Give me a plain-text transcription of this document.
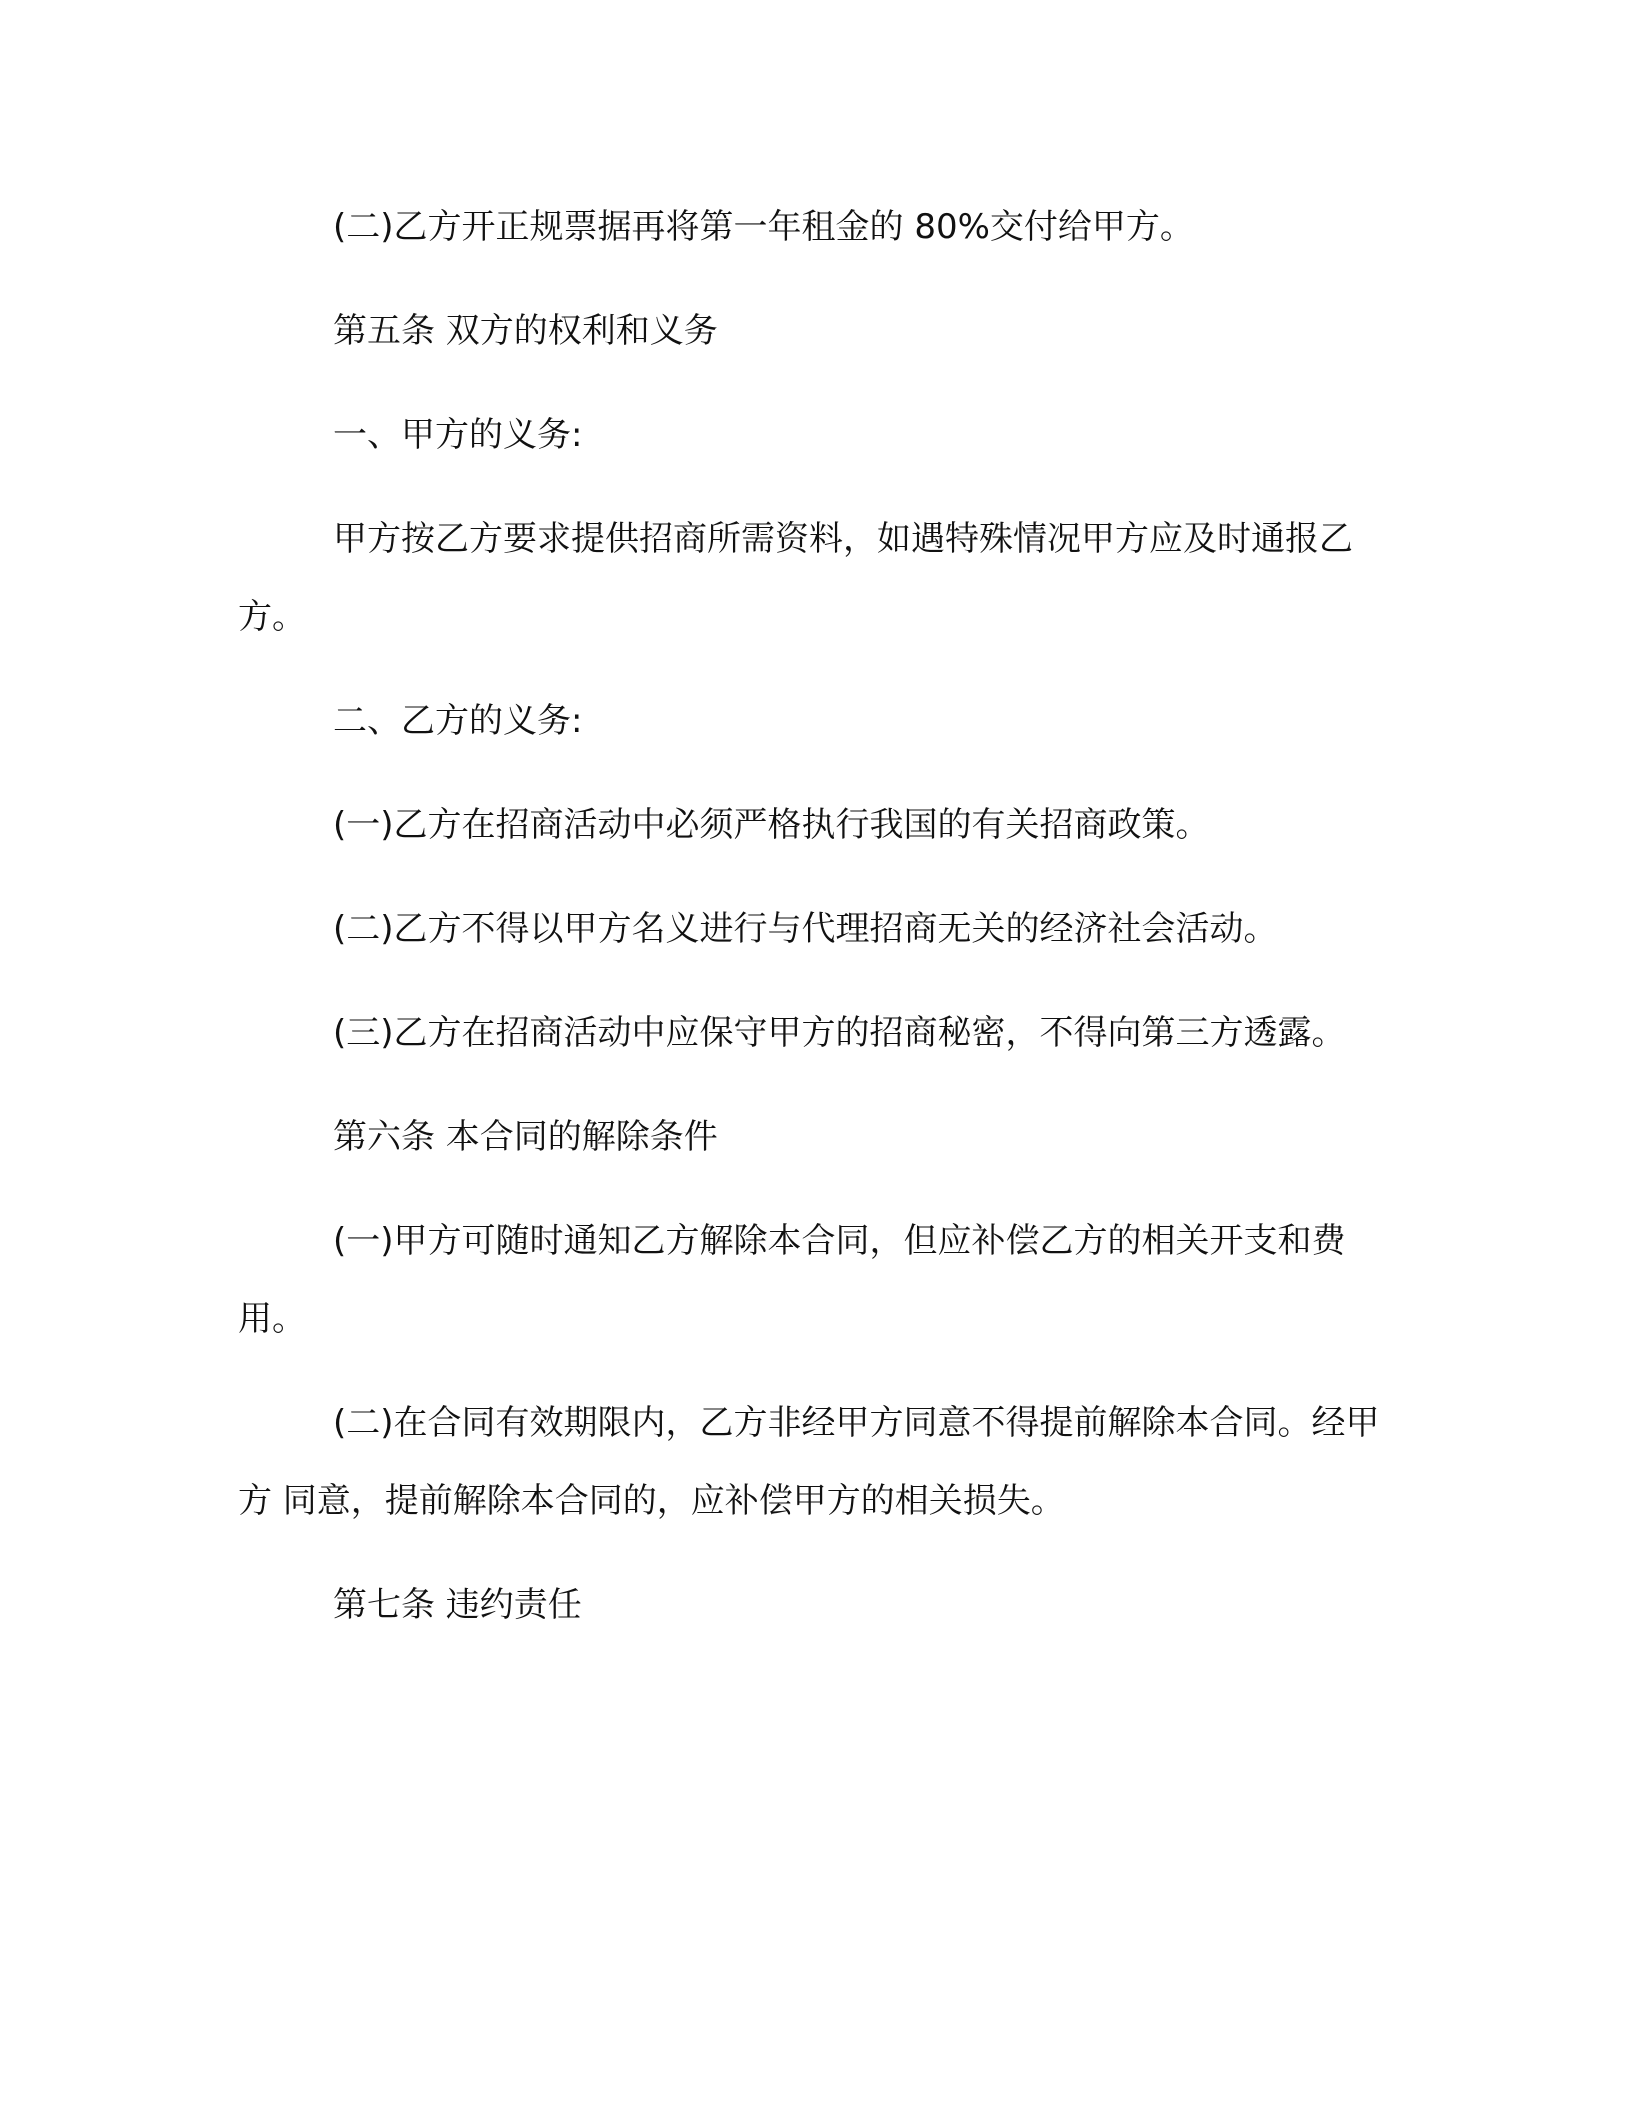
(二)乙方开正规票据再将第一年租金的 80%交付给甲方。

第五条 双方的权利和义务

一、甲方的义务:

甲方按乙方要求提供招商所需资料，如遇特殊情况甲方应及时通报乙方。

二、乙方的义务:

(一)乙方在招商活动中必须严格执行我国的有关招商政策。

(二)乙方不得以甲方名义进行与代理招商无关的经济社会活动。

(三)乙方在招商活动中应保守甲方的招商秘密，不得向第三方透露。

第六条 本合同的解除条件

(一)甲方可随时通知乙方解除本合同，但应补偿乙方的相关开支和费用。

(二)在合同有效期限内，乙方非经甲方同意不得提前解除本合同。经甲方 同意，提前解除本合同的，应补偿甲方的相关损失。

第七条 违约责任
